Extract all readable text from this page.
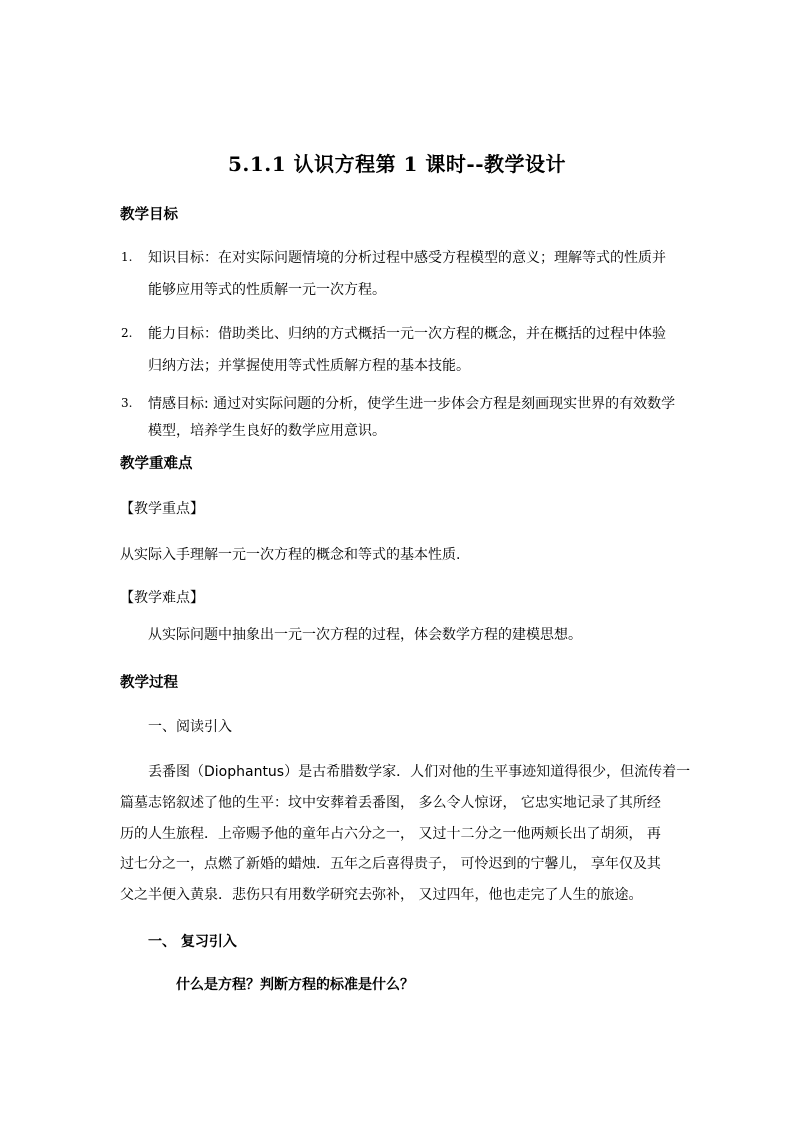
5.1.1 认识方程第 1 课时--教学设计
教学目标
1. 知识目标：在对实际问题情境的分析过程中感受方程模型的意义；理解等式的性质并
能够应用等式的性质解一元一次方程。
2. 能力目标：借助类比、归纳的方式概括一元一次方程的概念，并在概括的过程中体验
归纳方法；并掌握使用等式性质解方程的基本技能。
3. 情感目标: 通过对实际问题的分析，使学生进一步体会方程是刻画现实世界的有效数学
模型，培养学生良好的数学应用意识。
教学重难点
【教学重点】
从实际入手理解一元一次方程的概念和等式的基本性质.
【教学难点】
从实际问题中抽象出一元一次方程的过程，体会数学方程的建模思想。
教学过程
一、阅读引入
丢番图（Diophantus）是古希腊数学家．人们对他的生平事迹知道得很少，但流传着一
篇墓志铭叙述了他的生平：坟中安葬着丢番图， 多么令人惊讶， 它忠实地记录了其所经
历的人生旅程．上帝赐予他的童年占六分之一， 又过十二分之一他两颊长出了胡须， 再
过七分之一，点燃了新婚的蜡烛．五年之后喜得贵子， 可怜迟到的宁馨儿， 享年仅及其
父之半便入黄泉．悲伤只有用数学研究去弥补， 又过四年，他也走完了人生的旅途。
一、 复习引入
什么是方程？判断方程的标准是什么？
